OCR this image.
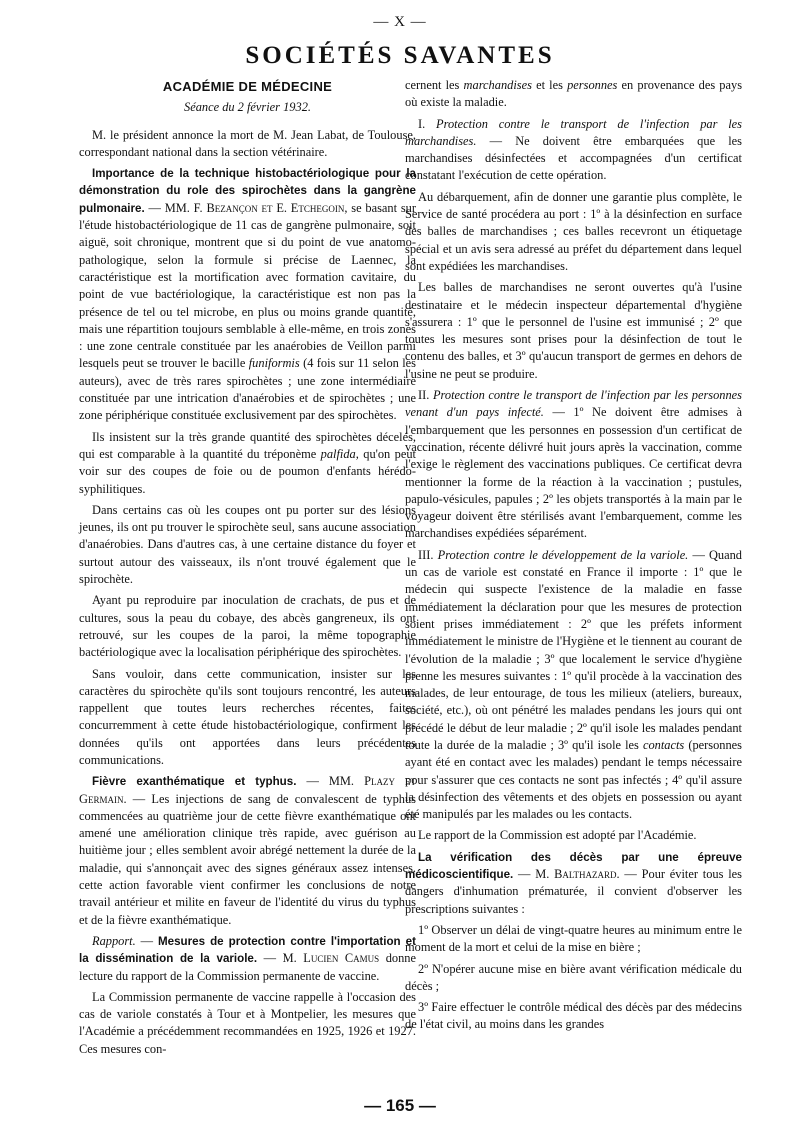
— X —
SOCIÉTÉS SAVANTES
ACADÉMIE DE MÉDECINE
Séance du 2 février 1932.

M. le président annonce la mort de M. Jean Labat, de Toulouse, correspondant national dans la section vétérinaire.

Importance de la technique histobactériologique pour la démonstration du role des spirochètes dans la gangrène pulmonaire. — MM. F. Bezançon et E. Etchegoin, se basant sur l'étude histobactériologique de 11 cas de gangrène pulmonaire, soit aiguë, soit chronique, montrent que si du point de vue anatomo-pathologique, selon la formule si précise de Laennec, la caractéristique est la mortification avec formation cavitaire, du point de vue bactériologique, la caractéristique est non pas la présence de tel ou tel microbe, en plus ou moins grande quantité, mais une répartition toujours semblable à elle-même, en trois zones : une zone centrale constituée par les anaérobies de Veillon parmi lesquels peut se trouver le bacille funiformis (4 fois sur 11 selon les auteurs), avec de très rares spirochètes ; une zone intermédiaire constituée par une intrication d'anaérobies et de spirochètes ; une zone périphérique constituée exclusivement par des spirochètes.

Ils insistent sur la très grande quantité des spirochètes décelés, qui est comparable à la quantité du tréponème palfida, qu'on peut voir sur des coupes de foie ou de poumon d'enfants hérédo-syphilitiques.

Dans certains cas où les coupes ont pu porter sur des lésions jeunes, ils ont pu trouver le spirochète seul, sans aucune association d'anaérobies. Dans d'autres cas, à une certaine distance du foyer et surtout autour des vaisseaux, ils n'ont trouvé également que le spirochète.

Ayant pu reproduire par inoculation de crachats, de pus et de cultures, sous la peau du cobaye, des abcès gangreneux, ils ont retrouvé, sur les coupes de la paroi, la même topographie bactériologique avec la localisation périphérique des spirochètes.

Sans vouloir, dans cette communication, insister sur les caractères du spirochète qu'ils sont toujours rencontré, les auteurs rappellent que toutes leurs recherches récentes, faites concurremment à cette étude histobactériologique, confirment les données qu'ils ont apportées dans leurs précédentes communications.

Fièvre exanthématique et typhus. — MM. Plazy et Germain. — Les injections de sang de convalescent de typhus commencées au quatrième jour de cette fièvre exanthématique ont amené une amélioration clinique très rapide, avec guérison au huitième jour ; elles semblent avoir abrégé nettement la durée de la maladie, qui s'annonçait avec des signes généraux assez intenses. cette action favorable vient confirmer les conclusions de notre travail antérieur et milite en faveur de l'identité du virus du typhus et de la fièvre exanthématique.

Rapport. — Mesures de protection contre l'importation et la dissémination de la variole. — M. Lucien Camus donne lecture du rapport de la Commission permanente de vaccine.

La Commission permanente de vaccine rappelle à l'occasion des cas de variole constatés à Tour et à Montpelier, les mesures que l'Académie a précédemment recommandées en 1925, 1926 et 1927. Ces mesures con-

cernent les marchandises et les personnes en provenance des pays où existe la maladie.

I. Protection contre le transport de l'infection par les marchandises. — Ne doivent être embarquées que les marchandises désinfectées et accompagnées d'un certificat constatant l'exécution de cette opération.

Au débarquement, afin de donner une garantie plus complète, le Service de santé procédera au port : 1º à la désinfection en surface des balles de marchandises ; ces balles recevront un étiquetage spécial et un avis sera adressé au préfet du département dans lequel sont expédiées les marchandises.

Les balles de marchandises ne seront ouvertes qu'à l'usine destinataire et le médecin inspecteur départemental d'hygiène s'assurera : 1º que le personnel de l'usine est immunisé ; 2º que toutes les mesures sont prises pour la désinfection de tout le contenu des balles, et 3º qu'aucun transport de germes en dehors de l'usine ne peut se produire.

II. Protection contre le transport de l'infection par les personnes venant d'un pays infecté. — 1º Ne doivent être admises à l'embarquement que les personnes en possession d'un certificat de vaccination, récente délivré huit jours après la vaccination, comme l'exige le règlement des vaccinations publiques. Ce certificat devra mentionner la forme de la réaction à la vaccination ; pustules, papulo-vésicules, papules ; 2º les objets transportés à la main par le voyageur doivent être stérilisés avant l'embarquement, comme les marchandises expédiées séparément.

III. Protection contre le développement de la variole. — Quand un cas de variole est constaté en France il importe : 1º que le médecin qui suspecte l'existence de la maladie en fasse immédiatement la déclaration pour que les mesures de protection soient prises immédiatement : 2º que les préfets informent immédiatement le ministre de l'Hygiène et le tiennent au courant de l'évolution de la maladie ; 3º que localement le service d'hygiène prenne les mesures suivantes : 1º qu'il procède à la vaccination des malades, de leur entourage, de tous les milieux (ateliers, bureaux, société, etc.), où ont pénétré les malades pendans les jours qui ont précédé le début de leur maladie ; 2º qu'il isole les malades pendant toute la durée de la maladie ; 3º qu'il isole les contacts (personnes ayant été en contact avec les malades) pendant le temps nécessaire pour s'assurer que ces contacts ne sont pas infectés ; 4º qu'il assure la désinfection des vêtements et des objets en possession ou ayant été manipulés par les malades ou les contacts.

Le rapport de la Commission est adopté par l'Académie.

La vérification des décès par une épreuve médicoscientifique. — M. Balthazard. — Pour éviter tous les dangers d'inhumation prématurée, il convient d'observer les prescriptions suivantes :

1º Observer un délai de vingt-quatre heures au minimum entre le moment de la mort et celui de la mise en bière ;

2º N'opérer aucune mise en bière avant vérification médicale du décès ;

3º Faire effectuer le contrôle médical des décès par des médecins de l'état civil, au moins dans les grandes

— 165 —
